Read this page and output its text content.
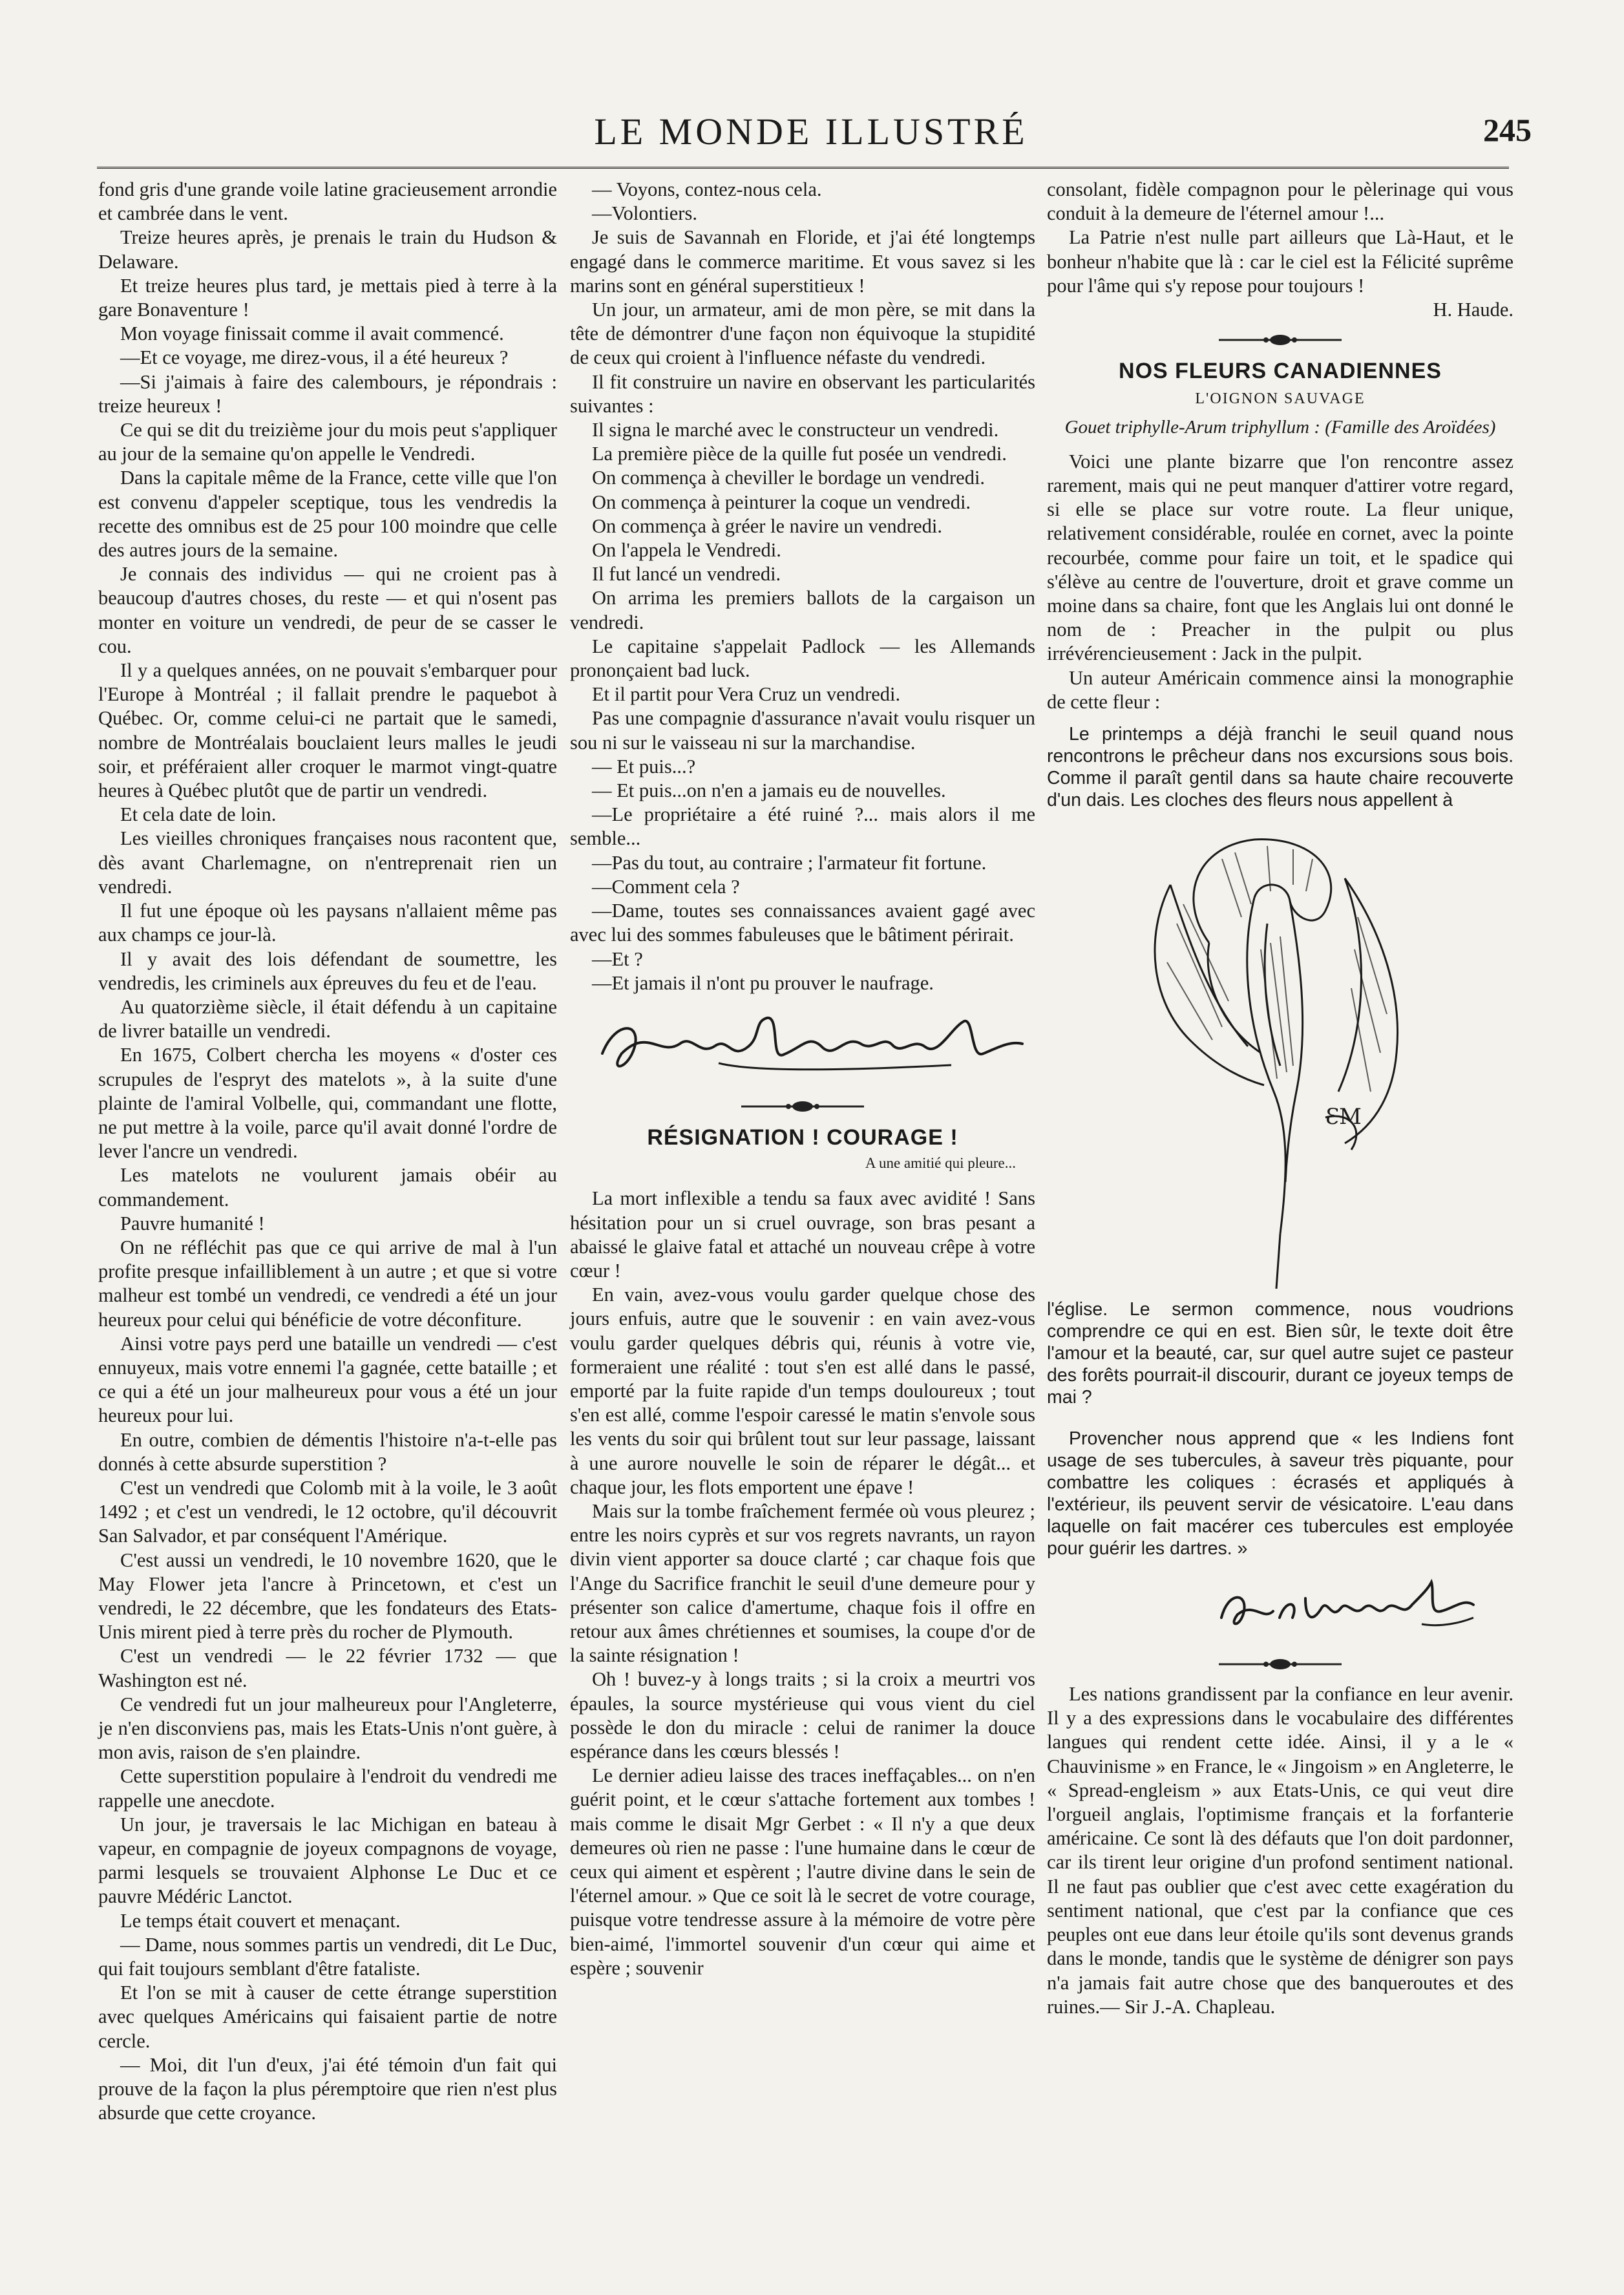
LE MONDE ILLUSTRÉ	245

fond gris d'une grande voile latine gracieusement arrondie et cambrée dans le vent.

Treize heures après, je prenais le train du Hudson & Delaware.

Et treize heures plus tard, je mettais pied à terre à la gare Bonaventure !

Mon voyage finissait comme il avait commencé.

—Et ce voyage, me direz-vous, il a été heureux ?

—Si j'aimais à faire des calembours, je répondrais : treize heureux !

Ce qui se dit du treizième jour du mois peut s'appliquer au jour de la semaine qu'on appelle le Vendredi.

Dans la capitale même de la France, cette ville que l'on est convenu d'appeler sceptique, tous les vendredis la recette des omnibus est de 25 pour 100 moindre que celle des autres jours de la semaine.

Je connais des individus — qui ne croient pas à beaucoup d'autres choses, du reste — et qui n'osent pas monter en voiture un vendredi, de peur de se casser le cou.

Il y a quelques années, on ne pouvait s'embarquer pour l'Europe à Montréal ; il fallait prendre le paquebot à Québec. Or, comme celui-ci ne partait que le samedi, nombre de Montréalais bouclaient leurs malles le jeudi soir, et préféraient aller croquer le marmot vingt-quatre heures à Québec plutôt que de partir un vendredi.

Et cela date de loin.

Les vieilles chroniques françaises nous racontent que, dès avant Charlemagne, on n'entreprenait rien un vendredi.

Il fut une époque où les paysans n'allaient même pas aux champs ce jour-là.

Il y avait des lois défendant de soumettre, les vendredis, les criminels aux épreuves du feu et de l'eau.

Au quatorzième siècle, il était défendu à un capitaine de livrer bataille un vendredi.

En 1675, Colbert chercha les moyens « d'oster ces scrupules de l'espryt des matelots », à la suite d'une plainte de l'amiral Volbelle, qui, commandant une flotte, ne put mettre à la voile, parce qu'il avait donné l'ordre de lever l'ancre un vendredi.

Les matelots ne voulurent jamais obéir au commandement.

Pauvre humanité !

On ne réfléchit pas que ce qui arrive de mal à l'un profite presque infailliblement à un autre ; et que si votre malheur est tombé un vendredi, ce vendredi a été un jour heureux pour celui qui bénéficie de votre déconfiture.

Ainsi votre pays perd une bataille un vendredi — c'est ennuyeux, mais votre ennemi l'a gagnée, cette bataille ; et ce qui a été un jour malheureux pour vous a été un jour heureux pour lui.

En outre, combien de démentis l'histoire n'a-t-elle pas donnés à cette absurde superstition ?

C'est un vendredi que Colomb mit à la voile, le 3 août 1492 ; et c'est un vendredi, le 12 octobre, qu'il découvrit San Salvador, et par conséquent l'Amérique.

C'est aussi un vendredi, le 10 novembre 1620, que le May Flower jeta l'ancre à Princetown, et c'est un vendredi, le 22 décembre, que les fondateurs des Etats-Unis mirent pied à terre près du rocher de Plymouth.

C'est un vendredi — le 22 février 1732 — que Washington est né.

Ce vendredi fut un jour malheureux pour l'Angleterre, je n'en disconviens pas, mais les Etats-Unis n'ont guère, à mon avis, raison de s'en plaindre.

Cette superstition populaire à l'endroit du vendredi me rappelle une anecdote.

Un jour, je traversais le lac Michigan en bateau à vapeur, en compagnie de joyeux compagnons de voyage, parmi lesquels se trouvaient Alphonse Le Duc et ce pauvre Médéric Lanctot.

Le temps était couvert et menaçant.

— Dame, nous sommes partis un vendredi, dit Le Duc, qui fait toujours semblant d'être fataliste.

Et l'on se mit à causer de cette étrange superstition avec quelques Américains qui faisaient partie de notre cercle.

— Moi, dit l'un d'eux, j'ai été témoin d'un fait qui prouve de la façon la plus péremptoire que rien n'est plus absurde que cette croyance.

— Voyons, contez-nous cela.

—Volontiers.

Je suis de Savannah en Floride, et j'ai été longtemps engagé dans le commerce maritime. Et vous savez si les marins sont en général superstitieux !

Un jour, un armateur, ami de mon père, se mit dans la tête de démontrer d'une façon non équivoque la stupidité de ceux qui croient à l'influence néfaste du vendredi.

Il fit construire un navire en observant les particularités suivantes :

Il signa le marché avec le constructeur un vendredi.

La première pièce de la quille fut posée un vendredi.

On commença à cheviller le bordage un vendredi.

On commença à peinturer la coque un vendredi.

On commença à gréer le navire un vendredi.

On l'appela le Vendredi.

Il fut lancé un vendredi.

On arrima les premiers ballots de la cargaison un vendredi.

Le capitaine s'appelait Padlock — les Allemands prononçaient bad luck.

Et il partit pour Vera Cruz un vendredi.

Pas une compagnie d'assurance n'avait voulu risquer un sou ni sur le vaisseau ni sur la marchandise.

— Et puis...?

— Et puis...on n'en a jamais eu de nouvelles.

—Le propriétaire a été ruiné ?... mais alors il me semble...

—Pas du tout, au contraire ; l'armateur fit fortune.

—Comment cela ?

—Dame, toutes ses connaissances avaient gagé avec avec lui des sommes fabuleuses que le bâtiment périrait.

—Et ?

—Et jamais il n'ont pu prouver le naufrage.

RÉSIGNATION ! COURAGE !
A une amitié qui pleure...

La mort inflexible a tendu sa faux avec avidité ! Sans hésitation pour un si cruel ouvrage, son bras pesant a abaissé le glaive fatal et attaché un nouveau crêpe à votre cœur !

En vain, avez-vous voulu garder quelque chose des jours enfuis, autre que le souvenir : en vain avez-vous voulu garder quelques débris qui, réunis à votre vie, formeraient une réalité : tout s'en est allé dans le passé, emporté par la fuite rapide d'un temps douloureux ; tout s'en est allé, comme l'espoir caressé le matin s'envole sous les vents du soir qui brûlent tout sur leur passage, laissant à une aurore nouvelle le soin de réparer le dégât... et chaque jour, les flots emportent une épave !

Mais sur la tombe fraîchement fermée où vous pleurez ; entre les noirs cyprès et sur vos regrets navrants, un rayon divin vient apporter sa douce clarté ; car chaque fois que l'Ange du Sacrifice franchit le seuil d'une demeure pour y présenter son calice d'amertume, chaque fois il offre en retour aux âmes chrétiennes et soumises, la coupe d'or de la sainte résignation !

Oh ! buvez-y à longs traits ; si la croix a meurtri vos épaules, la source mystérieuse qui vous vient du ciel possède le don du miracle : celui de ranimer la douce espérance dans les cœurs blessés !

Le dernier adieu laisse des traces ineffaçables... on n'en guérit point, et le cœur s'attache fortement aux tombes ! mais comme le disait Mgr Gerbet : « Il n'y a que deux demeures où rien ne passe : l'une humaine dans le cœur de ceux qui aiment et espèrent ; l'autre divine dans le sein de l'éternel amour. » Que ce soit là le secret de votre courage, puisque votre tendresse assure à la mémoire de votre père bien-aimé, l'immortel souvenir d'un cœur qui aime et espère ; souvenir

consolant, fidèle compagnon pour le pèlerinage qui vous conduit à la demeure de l'éternel amour !...

La Patrie n'est nulle part ailleurs que Là-Haut, et le bonheur n'habite que là : car le ciel est la Félicité suprême pour l'âme qui s'y repose pour toujours !

H. Haude.

NOS FLEURS CANADIENNES
L'OIGNON SAUVAGE
Gouet triphylle-Arum triphyllum : (Famille des Aroïdées)

Voici une plante bizarre que l'on rencontre assez rarement, mais qui ne peut manquer d'attirer votre regard, si elle se place sur votre route. La fleur unique, relativement considérable, roulée en cornet, avec la pointe recourbée, comme pour faire un toit, et le spadice qui s'élève au centre de l'ouverture, droit et grave comme un moine dans sa chaire, font que les Anglais lui ont donné le nom de : Preacher in the pulpit ou plus irrévérencieusement : Jack in the pulpit.

Un auteur Américain commence ainsi la monographie de cette fleur :

Le printemps a déjà franchi le seuil quand nous rencontrons le prêcheur dans nos excursions sous bois. Comme il paraît gentil dans sa haute chaire recouverte d'un dais. Les cloches des fleurs nous appellent à

ƐM

l'église. Le sermon commence, nous voudrions comprendre ce qui en est. Bien sûr, le texte doit être l'amour et la beauté, car, sur quel autre sujet ce pasteur des forêts pourrait-il discourir, durant ce joyeux temps de mai ?

Provencher nous apprend que « les Indiens font usage de ses tubercules, à saveur très piquante, pour combattre les coliques : écrasés et appliqués à l'extérieur, ils peuvent servir de vésicatoire. L'eau dans laquelle on fait macérer ces tubercules est employée pour guérir les dartres. »

Les nations grandissent par la confiance en leur avenir. Il y a des expressions dans le vocabulaire des différentes langues qui rendent cette idée. Ainsi, il y a le « Chauvinisme » en France, le « Jingoism » en Angleterre, le « Spread-engleism » aux Etats-Unis, ce qui veut dire l'orgueil anglais, l'optimisme français et la forfanterie américaine. Ce sont là des défauts que l'on doit pardonner, car ils tirent leur origine d'un profond sentiment national. Il ne faut pas oublier que c'est avec cette exagération du sentiment national, que c'est par la confiance que ces peuples ont eue dans leur étoile qu'ils sont devenus grands dans le monde, tandis que le système de dénigrer son pays n'a jamais fait autre chose que des banqueroutes et des ruines.— Sir J.-A. Chapleau.
